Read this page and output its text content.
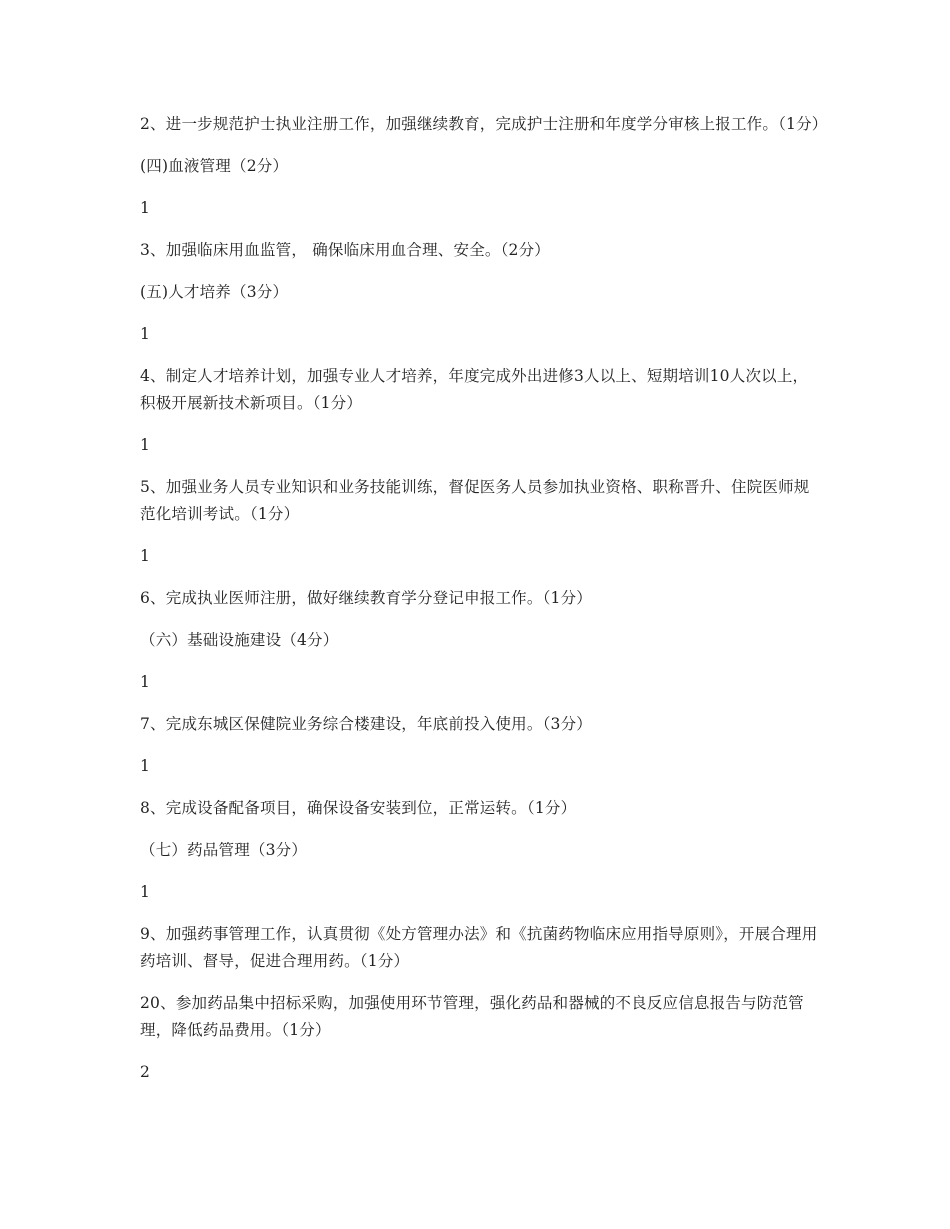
2、进一步规范护士执业注册工作，加强继续教育，完成护士注册和年度学分审核上报工作。（1分）

(四)血液管理（2分）

1

3、加强临床用血监管， 确保临床用血合理、安全。（2分）

(五)人才培养（3分）

1

4、制定人才培养计划，加强专业人才培养，年度完成外出进修3人以上、短期培训10人次以上，积极开展新技术新项目。（1分）

1

5、加强业务人员专业知识和业务技能训练，督促医务人员参加执业资格、职称晋升、住院医师规范化培训考试。（1分）

1

6、完成执业医师注册，做好继续教育学分登记申报工作。（1分）

（六）基础设施建设（4分）

1

7、完成东城区保健院业务综合楼建设，年底前投入使用。（3分）

1

8、完成设备配备项目，确保设备安装到位，正常运转。（1分）

（七）药品管理（3分）

1

9、加强药事管理工作，认真贯彻《处方管理办法》和《抗菌药物临床应用指导原则》，开展合理用药培训、督导，促进合理用药。（1分）

20、参加药品集中招标采购，加强使用环节管理，强化药品和器械的不良反应信息报告与防范管理，降低药品费用。（1分）

2
